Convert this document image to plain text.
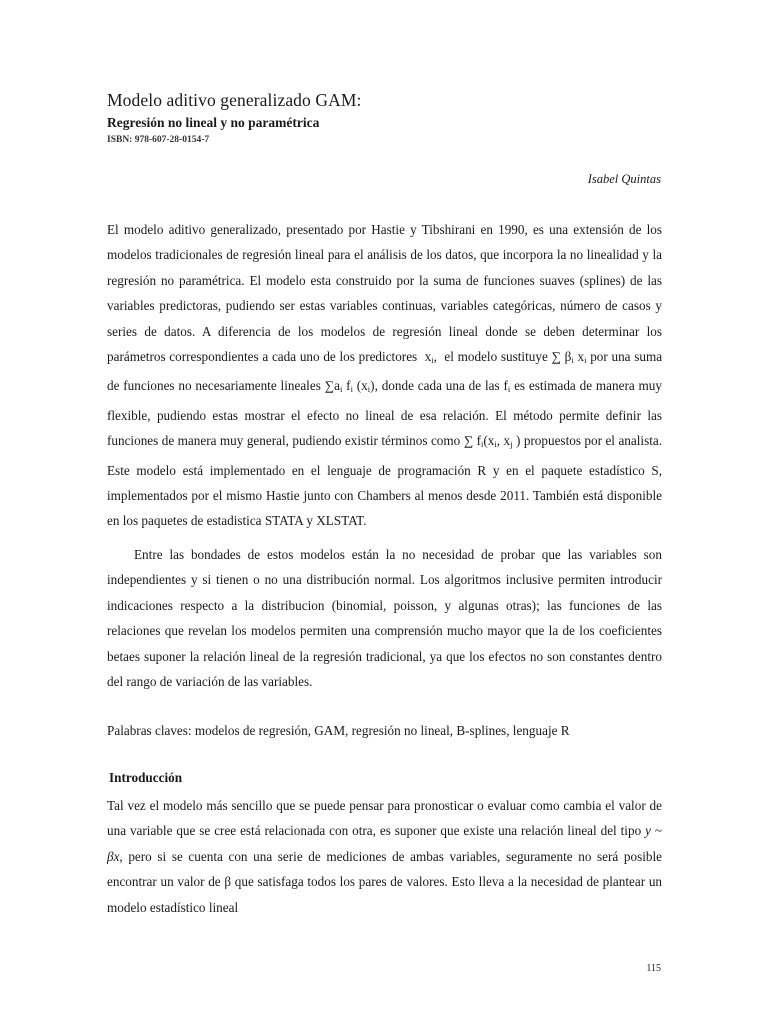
Modelo aditivo generalizado GAM:
Regresión no lineal y no paramétrica
ISBN: 978-607-28-0154-7
Isabel Quintas

El modelo aditivo generalizado, presentado por Hastie y Tibshirani en 1990, es una extensión de los modelos tradicionales de regresión lineal para el análisis de los datos, que incorpora la no linealidad y la regresión no paramétrica. El modelo esta construido por la suma de funciones suaves (splines) de las variables predictoras, pudiendo ser estas variables continuas, variables categóricas, número de casos y series de datos. A diferencia de los modelos de regresión lineal donde se deben determinar los parámetros correspondientes a cada uno de los predictores $x_i$,  el modelo sustituye ∑ $\beta_i$ $x_i$ por una suma de funciones no necesariamente lineales $\sum a_i$ $f_i$ $(x_i)$, donde cada una de las $f_i$ es estimada de manera muy flexible, pudiendo estas mostrar el efecto no lineal de esa relación. El método permite definir las funciones de manera muy general, pudiendo existir términos como ∑ $f_i(x_i$, $x_j$ ) propuestos por el analista. Este modelo está implementado en el lenguaje de programación R y en el paquete estadístico S, implementados por el mismo Hastie junto con Chambers al menos desde 2011. También está disponible en los paquetes de estadistica STATA y XLSTAT.

Entre las bondades de estos modelos están la no necesidad de probar que las variables son independientes y si tienen o no una distribución normal. Los algoritmos inclusive permiten introducir indicaciones respecto a la distribucion (binomial, poisson, y algunas otras); las funciones de las relaciones que revelan los modelos permiten una comprensión mucho mayor que la de los coeficientes betaes suponer la relación lineal de la regresión tradicional, ya que los efectos no son constantes dentro del rango de variación de las variables.
Palabras claves: modelos de regresión, GAM, regresión no lineal, B-splines, lenguaje R
Introducción

Tal vez el modelo más sencillo que se puede pensar para pronosticar o evaluar como cambia el valor de una variable que se cree está relacionada con otra, es suponer que existe una relación lineal del tipo y ~ βx, pero si se cuenta con una serie de mediciones de ambas variables, seguramente no será posible encontrar un valor de β que satisfaga todos los pares de valores. Esto lleva a la necesidad de plantear un modelo estadístico lineal

115
